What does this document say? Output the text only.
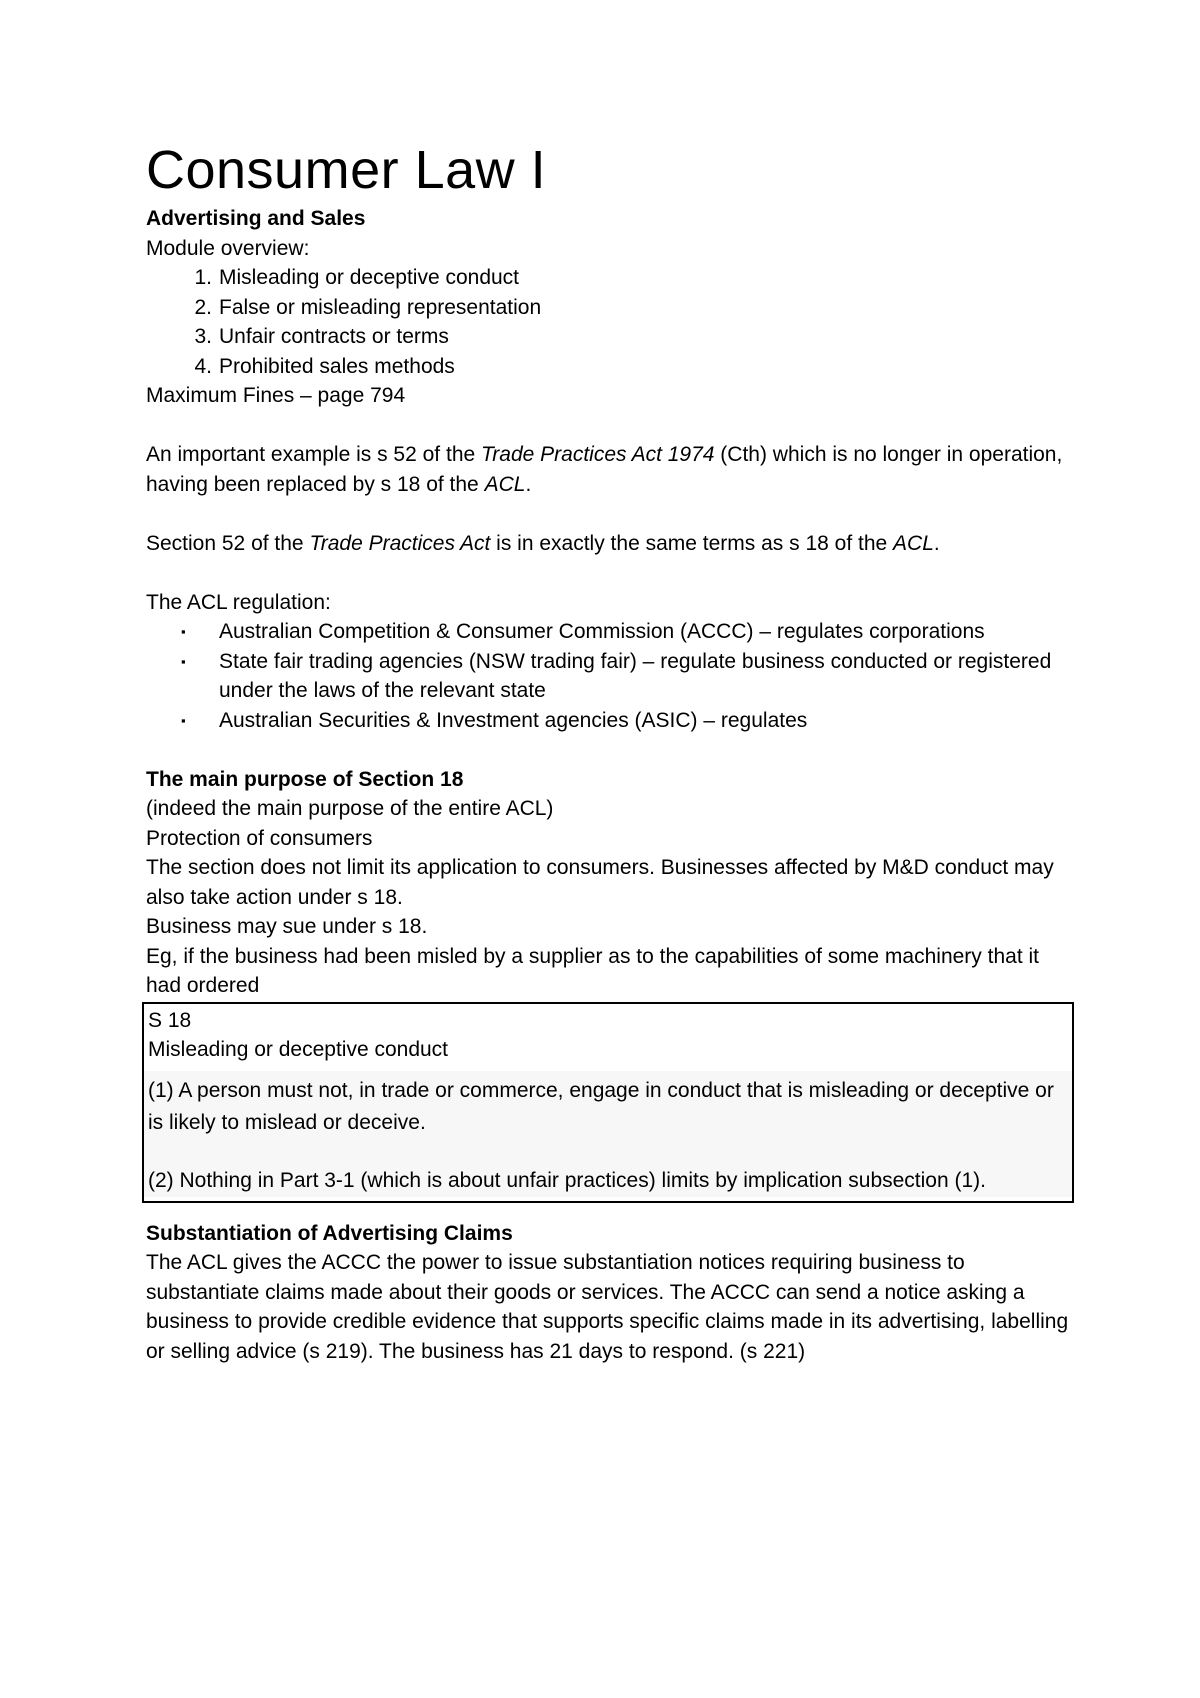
Consumer Law I

Advertising and Sales

Module overview:

1. Misleading or deceptive conduct
2. False or misleading representation
3. Unfair contracts or terms
4. Prohibited sales methods

Maximum Fines – page 794

An important example is s 52 of the Trade Practices Act 1974 (Cth) which is no longer in operation, having been replaced by s 18 of the ACL.

Section 52 of the Trade Practices Act is in exactly the same terms as s 18 of the ACL.

The ACL regulation:

▪ Australian Competition & Consumer Commission (ACCC) – regulates corporations
▪ State fair trading agencies (NSW trading fair) – regulate business conducted or registered under the laws of the relevant state
▪ Australian Securities & Investment agencies (ASIC) – regulates

The main purpose of Section 18

(indeed the main purpose of the entire ACL)

Protection of consumers

The section does not limit its application to consumers. Businesses affected by M&D conduct may also take action under s 18.

Business may sue under s 18.

Eg, if the business had been misled by a supplier as to the capabilities of some machinery that it had ordered

S 18

Misleading or deceptive conduct

(1) A person must not, in trade or commerce, engage in conduct that is misleading or deceptive or is likely to mislead or deceive.

(2) Nothing in Part 3-1 (which is about unfair practices) limits by implication subsection (1).

Substantiation of Advertising Claims

The ACL gives the ACCC the power to issue substantiation notices requiring business to substantiate claims made about their goods or services. The ACCC can send a notice asking a business to provide credible evidence that supports specific claims made in its advertising, labelling or selling advice (s 219). The business has 21 days to respond. (s 221)
